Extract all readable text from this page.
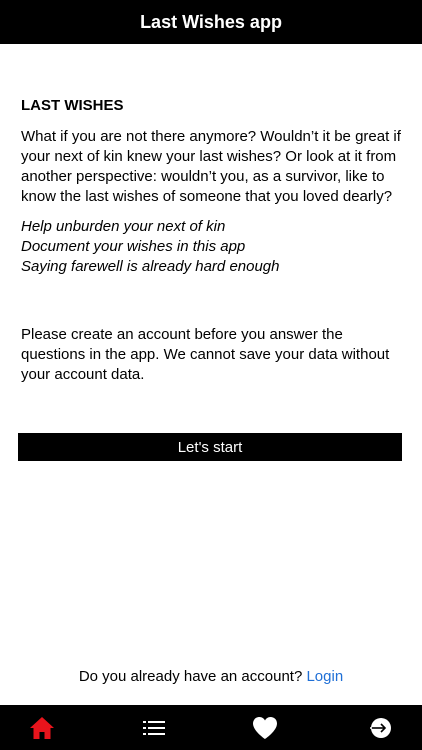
Last Wishes app
LAST WISHES

What if you are not there anymore? Wouldn’t it be great if your next of kin knew your last wishes? Or look at it from another perspective: wouldn’t you, as a survivor, like to know the last wishes of someone that you loved dearly?

Help unburden your next of kin
Document your wishes in this app
Saying farewell is already hard enough

Please create an account before you answer the questions in the app. We cannot save your data without your account data.

Let's start
Do you already have an account? Login
